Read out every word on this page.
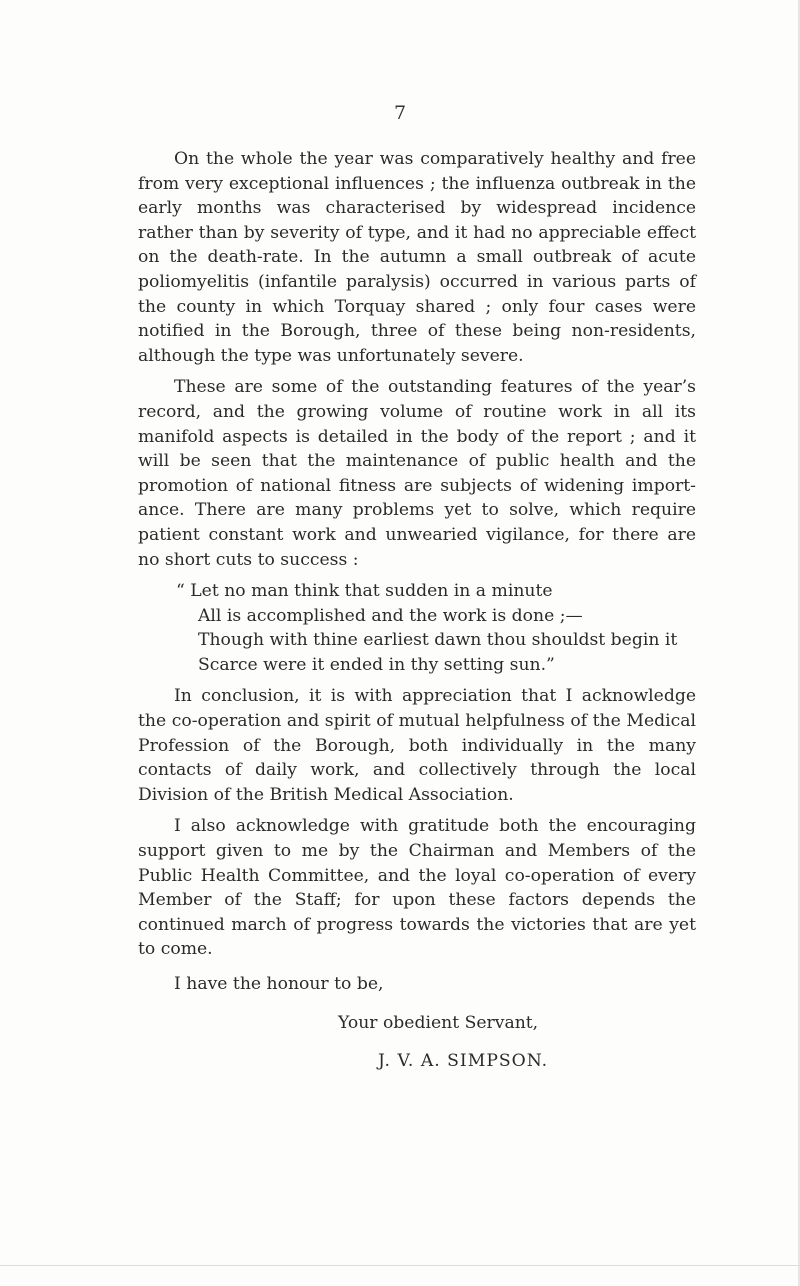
7

On the whole the year was comparatively healthy and free from very exceptional influences ; the influenza outbreak in the early months was characterised by widespread incidence rather than by severity of type, and it had no appreciable effect on the death-rate. In the autumn a small outbreak of acute poliomyelitis (infantile paralysis) occurred in various parts of the county in which Torquay shared ; only four cases were notified in the Borough, three of these being non-residents, although the type was unfortunately severe.

These are some of the outstanding features of the year’s record, and the growing volume of routine work in all its manifold aspects is detailed in the body of the report ; and it will be seen that the maintenance of public health and the promotion of national fitness are subjects of widening import-ance. There are many problems yet to solve, which require patient constant work and unwearied vigilance, for there are no short cuts to success :

“ Let no man think that sudden in a minute
All is accomplished and the work is done ;—
Though with thine earliest dawn thou shouldst begin it
Scarce were it ended in thy setting sun.”

In conclusion, it is with appreciation that I acknowledge the co-operation and spirit of mutual helpfulness of the Medical Profession of the Borough, both individually in the many contacts of daily work, and collectively through the local Division of the British Medical Association.

I also acknowledge with gratitude both the encouraging support given to me by the Chairman and Members of the Public Health Committee, and the loyal co-operation of every Member of the Staff; for upon these factors depends the continued march of progress towards the victories that are yet to come.

I have the honour to be,
Your obedient Servant,
J. V. A. SIMPSON.
